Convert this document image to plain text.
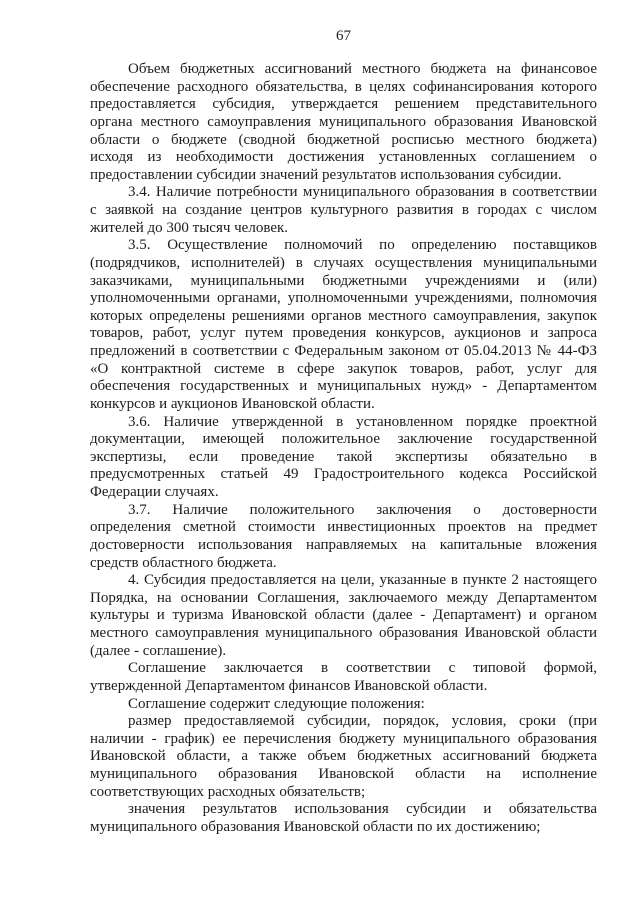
67
Объем бюджетных ассигнований местного бюджета на финансовое
обеспечение расходного обязательства, в целях софинансирования которого
предоставляется субсидия, утверждается решением представительного
органа местного самоуправления муниципального образования Ивановской
области о бюджете (сводной бюджетной росписью местного бюджета)
исходя из необходимости достижения установленных соглашением о
предоставлении субсидии значений результатов использования субсидии.
3.4. Наличие потребности муниципального образования в соответствии
с заявкой на создание центров культурного развития в городах с числом
жителей до 300 тысяч человек.
3.5. Осуществление полномочий по определению поставщиков
(подрядчиков, исполнителей) в случаях осуществления муниципальными
заказчиками, муниципальными бюджетными учреждениями и (или)
уполномоченными органами, уполномоченными учреждениями, полномочия
которых определены решениями органов местного самоуправления, закупок
товаров, работ, услуг путем проведения конкурсов, аукционов и запроса
предложений в соответствии с Федеральным законом от 05.04.2013 № 44-ФЗ
«О контрактной системе в сфере закупок товаров, работ, услуг для
обеспечения государственных и муниципальных нужд» - Департаментом
конкурсов и аукционов Ивановской области.
3.6. Наличие утвержденной в установленном порядке проектной
документации, имеющей положительное заключение государственной
экспертизы, если проведение такой экспертизы обязательно в
предусмотренных статьей 49 Градостроительного кодекса Российской
Федерации случаях.
3.7. Наличие положительного заключения о достоверности
определения сметной стоимости инвестиционных проектов на предмет
достоверности использования направляемых на капитальные вложения
средств областного бюджета.
4. Субсидия предоставляется на цели, указанные в пункте 2 настоящего
Порядка, на основании Соглашения, заключаемого между Департаментом
культуры и туризма Ивановской области (далее - Департамент) и органом
местного самоуправления муниципального образования Ивановской области
(далее - соглашение).
Соглашение заключается в соответствии с типовой формой,
утвержденной Департаментом финансов Ивановской области.
Соглашение содержит следующие положения:
размер предоставляемой субсидии, порядок, условия, сроки (при
наличии - график) ее перечисления бюджету муниципального образования
Ивановской области, а также объем бюджетных ассигнований бюджета
муниципального образования Ивановской области на исполнение
соответствующих расходных обязательств;
значения результатов использования субсидии и обязательства
муниципального образования Ивановской области по их достижению;
